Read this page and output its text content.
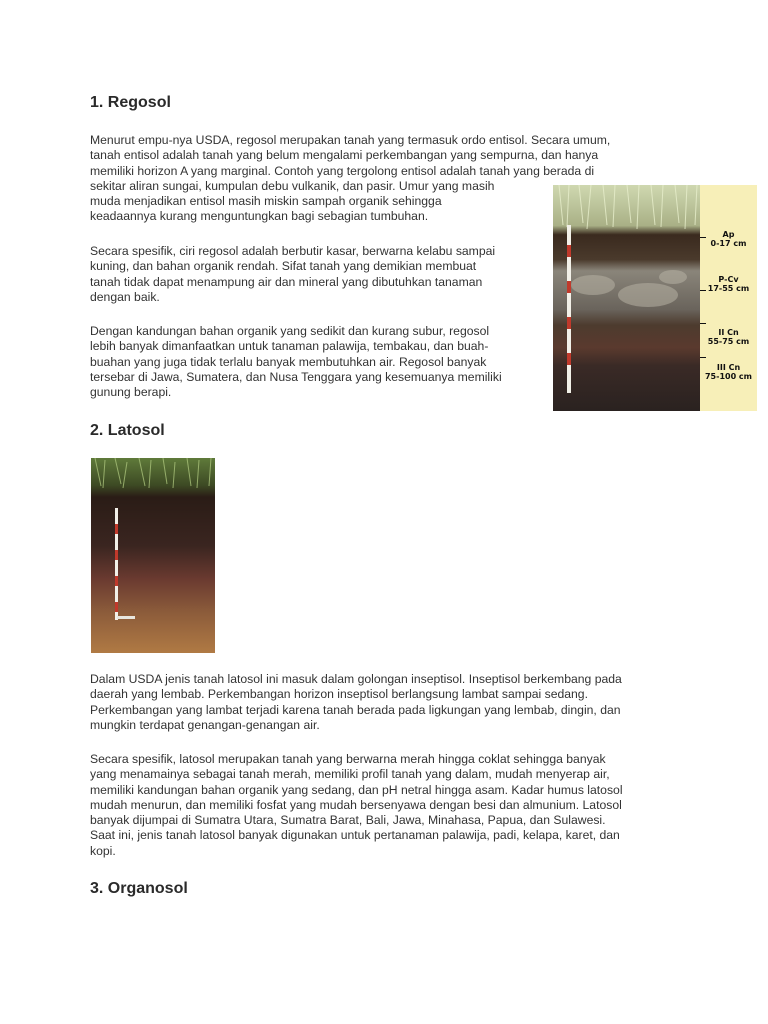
1. Regosol
Menurut empu-nya USDA, regosol merupakan tanah yang termasuk ordo entisol. Secara umum,
tanah entisol adalah tanah yang belum mengalami perkembangan yang sempurna, dan hanya
memiliki horizon A yang marginal. Contoh yang tergolong entisol adalah tanah yang berada di
sekitar aliran sungai, kumpulan debu vulkanik, dan pasir. Umur yang masih
muda menjadikan entisol masih miskin sampah organik sehingga
keadaannya kurang menguntungkan bagi sebagian tumbuhan.
Secara spesifik, ciri regosol adalah berbutir kasar, berwarna kelabu sampai
kuning, dan bahan organik rendah. Sifat tanah yang demikian membuat
tanah tidak dapat menampung air dan mineral yang dibutuhkan tanaman
dengan baik.
Dengan kandungan bahan organik yang sedikit dan kurang subur, regosol
lebih banyak dimanfaatkan untuk tanaman palawija, tembakau, dan buah-
buahan yang juga tidak terlalu banyak membutuhkan air. Regosol banyak
tersebar di Jawa, Sumatera, dan Nusa Tenggara yang kesemuanya memiliki
gunung berapi.
Ap
0-17 cm
P-Cv
17-55 cm
II Cn
55-75 cm
III Cn
75-100 cm
2. Latosol
Dalam USDA jenis tanah latosol ini masuk dalam golongan inseptisol. Inseptisol berkembang pada
daerah yang lembab. Perkembangan horizon inseptisol berlangsung lambat sampai sedang.
Perkembangan yang lambat terjadi karena tanah berada pada ligkungan yang lembab, dingin, dan
mungkin terdapat genangan-genangan air.
Secara spesifik, latosol merupakan tanah yang berwarna merah hingga coklat sehingga banyak
yang menamainya sebagai tanah merah, memiliki profil tanah yang dalam, mudah menyerap air,
memiliki kandungan bahan organik yang sedang, dan pH netral hingga asam. Kadar humus latosol
mudah menurun, dan memiliki fosfat yang mudah bersenyawa dengan besi dan almunium. Latosol
banyak dijumpai di Sumatra Utara, Sumatra Barat, Bali, Jawa, Minahasa, Papua, dan Sulawesi.
Saat ini, jenis tanah latosol banyak digunakan untuk pertanaman palawija, padi, kelapa, karet, dan
kopi.
3. Organosol
